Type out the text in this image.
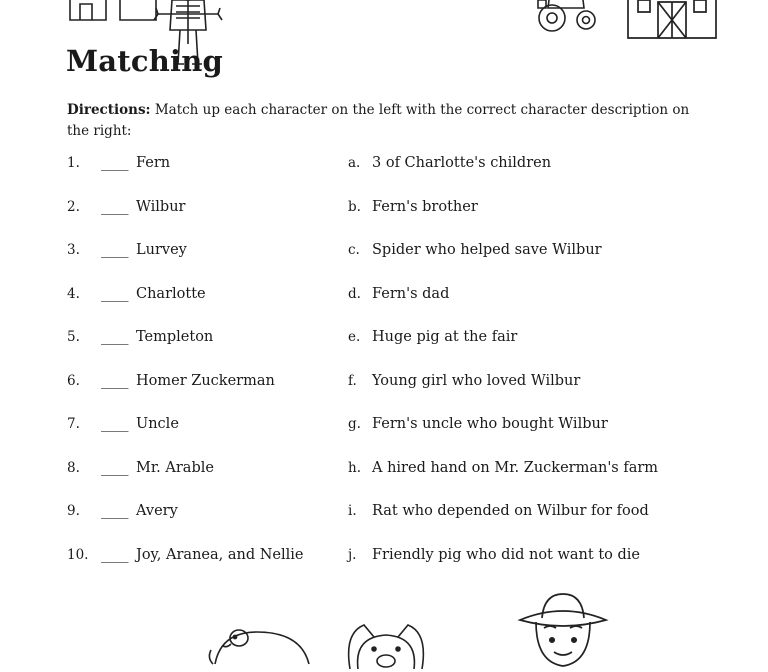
Matching
Directions: Match up each character on the left with the correct character description on the right:
1.	____ Fern
2.	____ Wilbur
3.	____ Lurvey
4.	____ Charlotte
5.	____ Templeton
6.	____ Homer Zuckerman
7.	____ Uncle
8.	____ Mr. Arable
9.	____ Avery
10. ____ Joy, Aranea, and Nellie
a. 3 of Charlotte's children
b. Fern's brother
c. Spider who helped save Wilbur
d. Fern's dad
e. Huge pig at the fair
f.	Young girl who loved Wilbur
g. Fern's uncle who bought Wilbur
h. A hired hand on Mr. Zuckerman's farm
i.	Rat who depended on Wilbur for food
j.	Friendly pig who did not want to die
